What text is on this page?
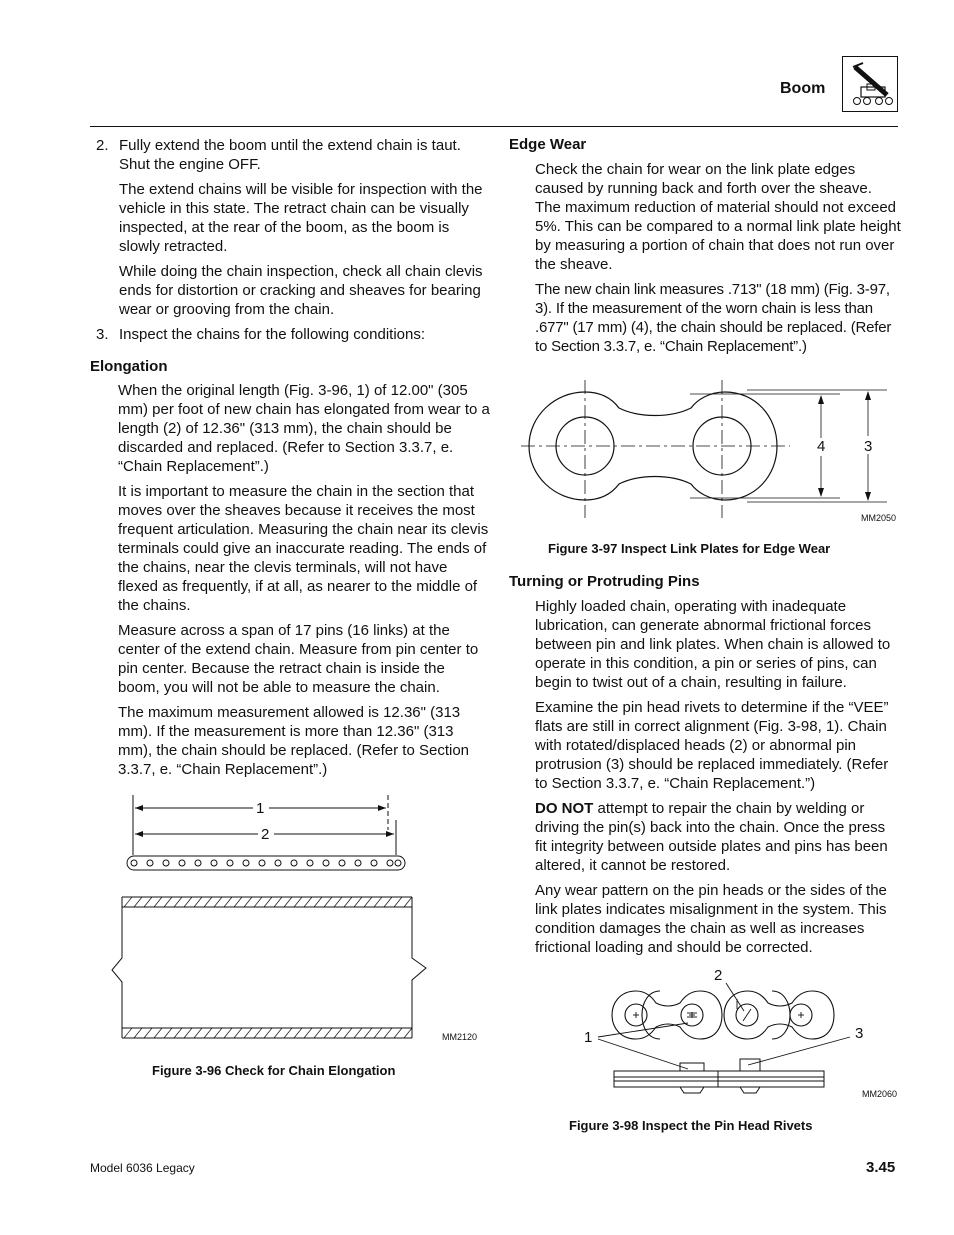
Boom
2. Fully extend the boom until the extend chain is taut. Shut the engine OFF.

The extend chains will be visible for inspection with the vehicle in this state. The retract chain can be visually inspected, at the rear of the boom, as the boom is slowly retracted.

While doing the chain inspection, check all chain clevis ends for distortion or cracking and sheaves for bearing wear or grooving from the chain.

3. Inspect the chains for the following conditions:

Elongation

When the original length (Fig. 3-96, 1) of 12.00" (305 mm) per foot of new chain has elongated from wear to a length (2) of 12.36" (313 mm), the chain should be discarded and replaced. (Refer to Section 3.3.7, e. “Chain Replacement”.)

It is important to measure the chain in the section that moves over the sheaves because it receives the most frequent articulation. Measuring the chain near its clevis terminals could give an inaccurate reading. The ends of the chains, near the clevis terminals, will not have flexed as frequently, if at all, as nearer to the middle of the chains.

Measure across a span of 17 pins (16 links) at the center of the extend chain. Measure from pin center to pin center. Because the retract chain is inside the boom, you will not be able to measure the chain.

The maximum measurement allowed is 12.36" (313 mm). If the measurement is more than 12.36" (313 mm), the chain should be replaced. (Refer to Section 3.3.7, e. “Chain Replacement”.)

1
2
MM2120
Figure 3-96 Check for Chain Elongation
Edge Wear

Check the chain for wear on the link plate edges caused by running back and forth over the sheave. The maximum reduction of material should not exceed 5%. This can be compared to a normal link plate height by measuring a portion of chain that does not run over the sheave.

The new chain link measures .713" (18 mm) (Fig. 3-97, 3). If the measurement of the worn chain is less than .677" (17 mm) (4), the chain should be replaced. (Refer to Section 3.3.7, e. “Chain Replacement”.)

4	3
MM2050
Figure 3-97 Inspect Link Plates for Edge Wear
Turning or Protruding Pins

Highly loaded chain, operating with inadequate lubrication, can generate abnormal frictional forces between pin and link plates. When chain is allowed to operate in this condition, a pin or series of pins, can begin to twist out of a chain, resulting in failure.

Examine the pin head rivets to determine if the “VEE” flats are still in correct alignment (Fig. 3-98, 1). Chain with rotated/displaced heads (2) or abnormal pin protrusion (3) should be replaced immediately. (Refer to Section 3.3.7, e. “Chain Replacement.”)

DO NOT attempt to repair the chain by welding or driving the pin(s) back into the chain. Once the press fit integrity between outside plates and pins has been altered, it cannot be restored.

Any wear pattern on the pin heads or the sides of the link plates indicates misalignment in the system. This condition damages the chain as well as increases frictional loading and should be corrected.

2
1	3
MM2060
Figure 3-98 Inspect the Pin Head Rivets
Model 6036 Legacy	3.45
